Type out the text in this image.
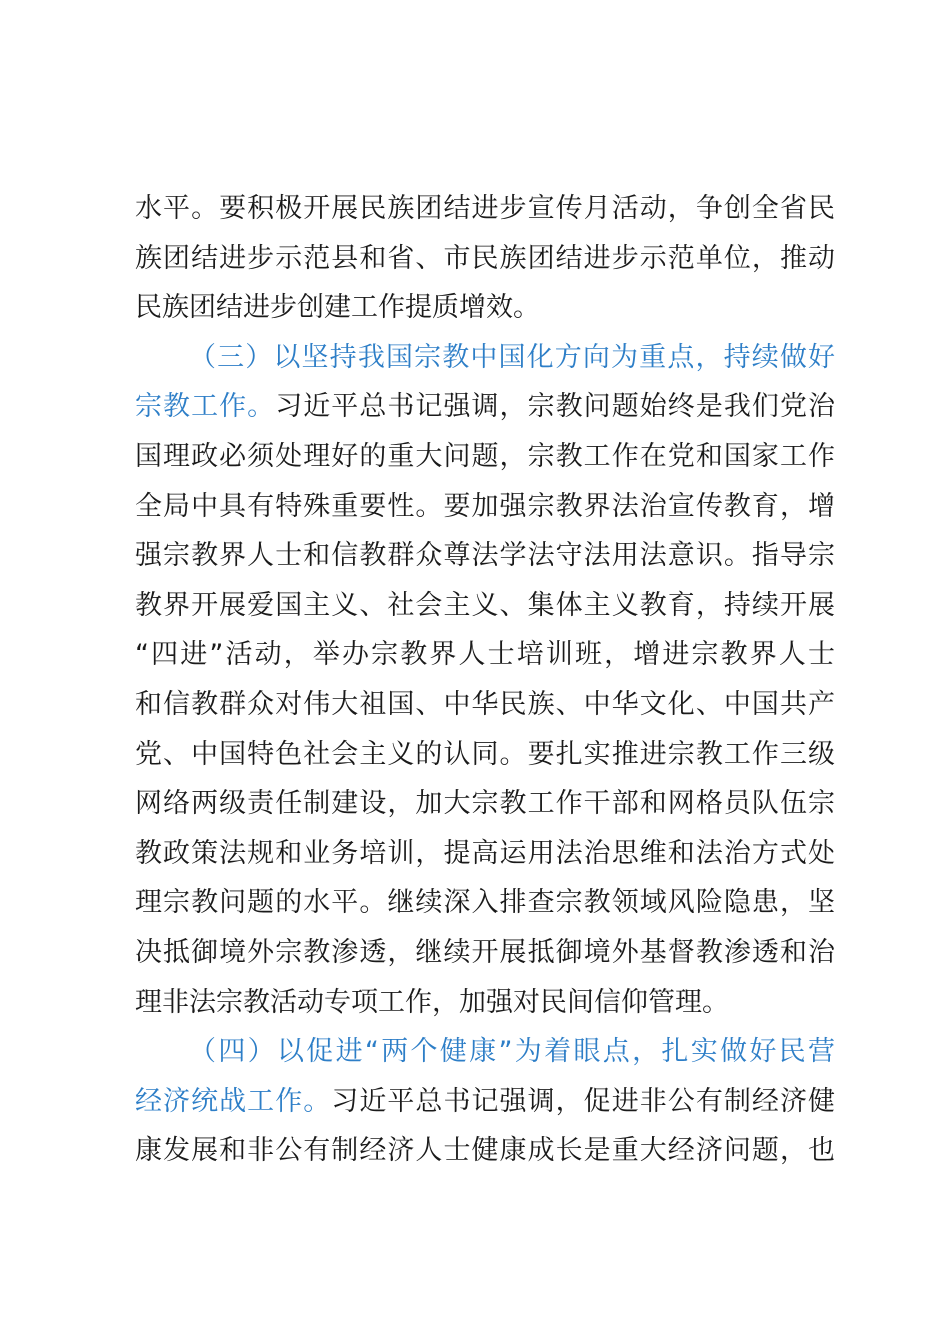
水平。要积极开展民族团结进步宣传月活动，争创全省民
族团结进步示范县和省、市民族团结进步示范单位，推动
民族团结进步创建工作提质增效。
（三）以坚持我国宗教中国化方向为重点，持续做好
宗教工作。习近平总书记强调，宗教问题始终是我们党治
国理政必须处理好的重大问题，宗教工作在党和国家工作
全局中具有特殊重要性。要加强宗教界法治宣传教育，增
强宗教界人士和信教群众尊法学法守法用法意识。指导宗
教界开展爱国主义、社会主义、集体主义教育，持续开展
“四进”活动，举办宗教界人士培训班，增进宗教界人士
和信教群众对伟大祖国、中华民族、中华文化、中国共产
党、中国特色社会主义的认同。要扎实推进宗教工作三级
网络两级责任制建设，加大宗教工作干部和网格员队伍宗
教政策法规和业务培训，提高运用法治思维和法治方式处
理宗教问题的水平。继续深入排查宗教领域风险隐患，坚
决抵御境外宗教渗透，继续开展抵御境外基督教渗透和治
理非法宗教活动专项工作，加强对民间信仰管理。
（四）以促进“两个健康”为着眼点，扎实做好民营
经济统战工作。习近平总书记强调，促进非公有制经济健
康发展和非公有制经济人士健康成长是重大经济问题，也
